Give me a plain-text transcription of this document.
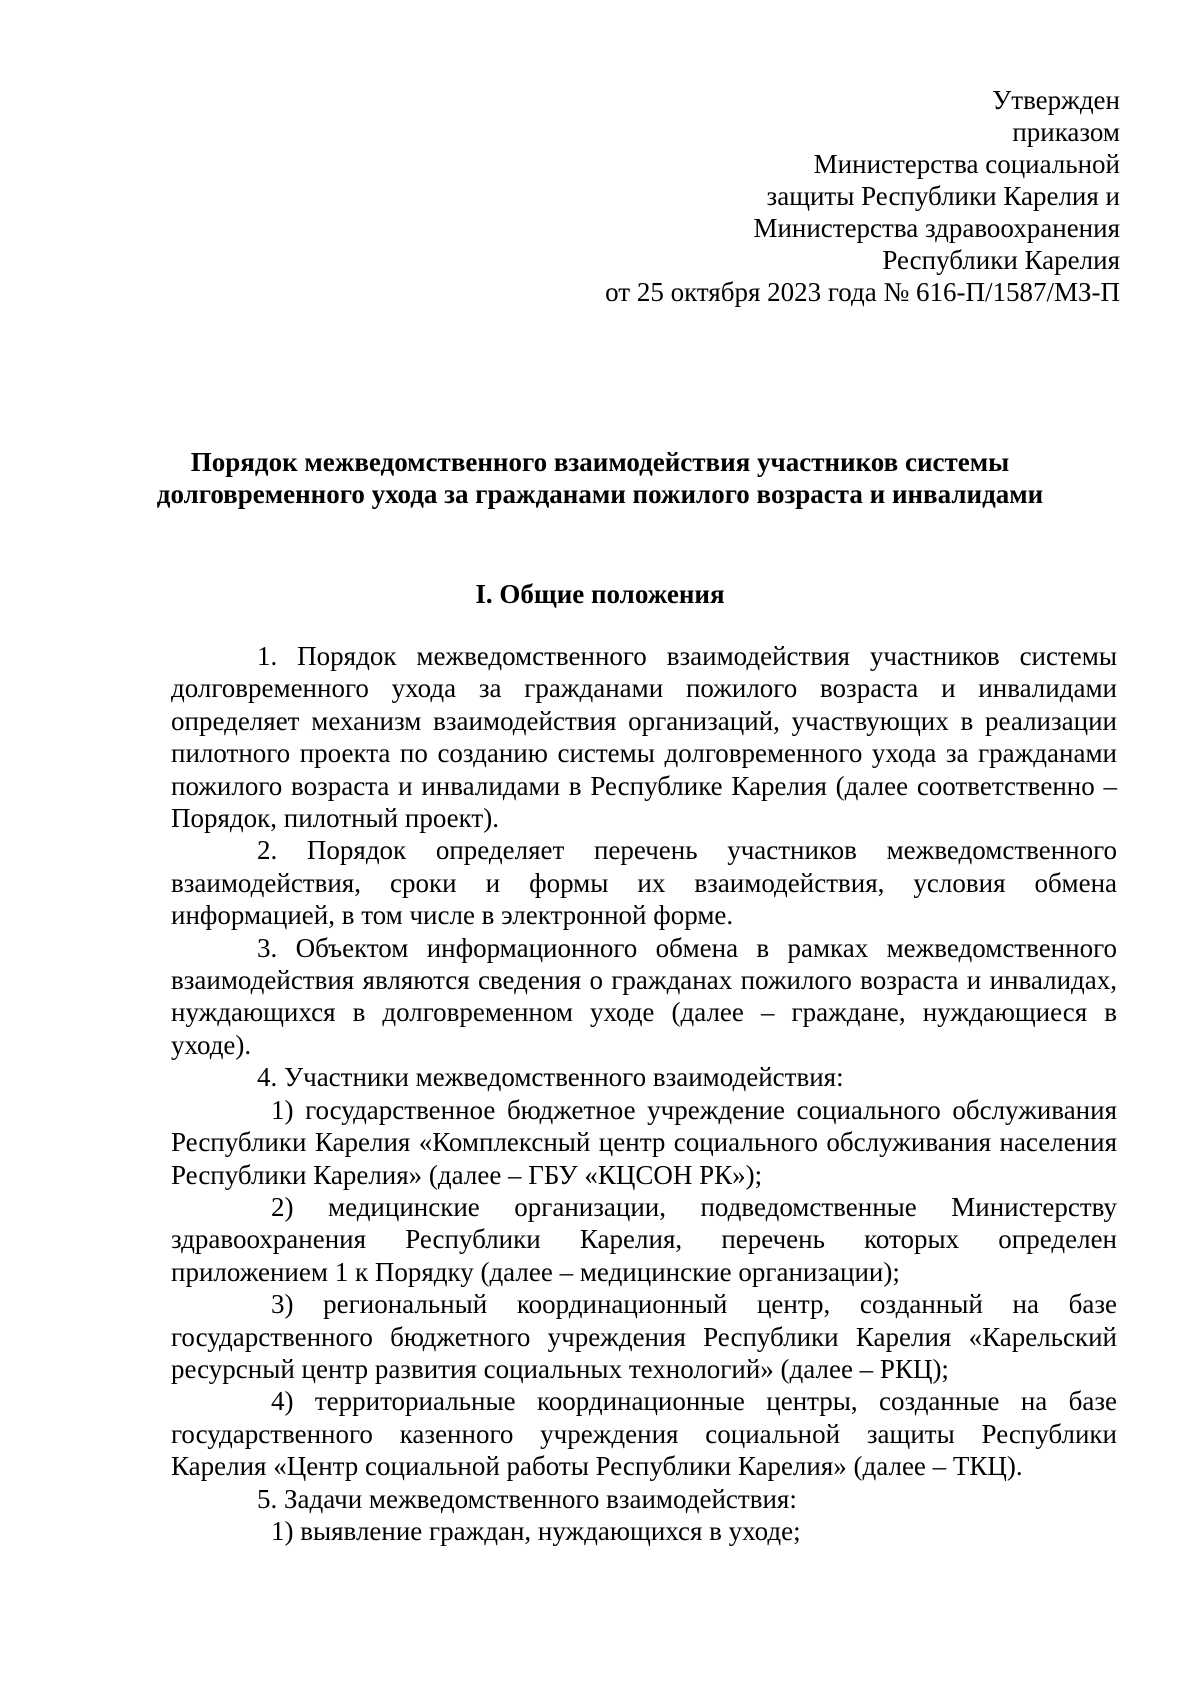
Утвержден
приказом
Министерства социальной
защиты Республики Карелия и
Министерства здравоохранения
Республики Карелия
от 25 октября 2023 года № 616-П/1587/МЗ-П
Порядок межведомственного взаимодействия участников системы
долговременного ухода за гражданами пожилого возраста и инвалидами
I. Общие положения

1. Порядок межведомственного взаимодействия участников системы долговременного ухода за гражданами пожилого возраста и инвалидами определяет механизм взаимодействия организаций, участвующих в реализации пилотного проекта по созданию системы долговременного ухода за гражданами пожилого возраста и инвалидами в Республике Карелия (далее соответственно – Порядок, пилотный проект).

2. Порядок определяет перечень участников межведомственного взаимодействия, сроки и формы их взаимодействия, условия обмена информацией, в том числе в электронной форме.

3. Объектом информационного обмена в рамках межведомственного взаимодействия являются сведения о гражданах пожилого возраста и инвалидах, нуждающихся в долговременном уходе (далее – граждане, нуждающиеся в уходе).

4. Участники межведомственного взаимодействия:

1) государственное бюджетное учреждение социального обслуживания Республики Карелия «Комплексный центр социального обслуживания населения Республики Карелия» (далее – ГБУ «КЦСОН РК»);

2) медицинские организации, подведомственные Министерству здравоохранения Республики Карелия, перечень которых определен приложением 1 к Порядку (далее – медицинские организации);

3) региональный координационный центр, созданный на базе государственного бюджетного учреждения Республики Карелия «Карельский ресурсный центр развития социальных технологий» (далее – РКЦ);

4) территориальные координационные центры, созданные на базе государственного казенного учреждения социальной защиты Республики Карелия «Центр социальной работы Республики Карелия» (далее – ТКЦ).

5. Задачи межведомственного взаимодействия:

1) выявление граждан, нуждающихся в уходе;
